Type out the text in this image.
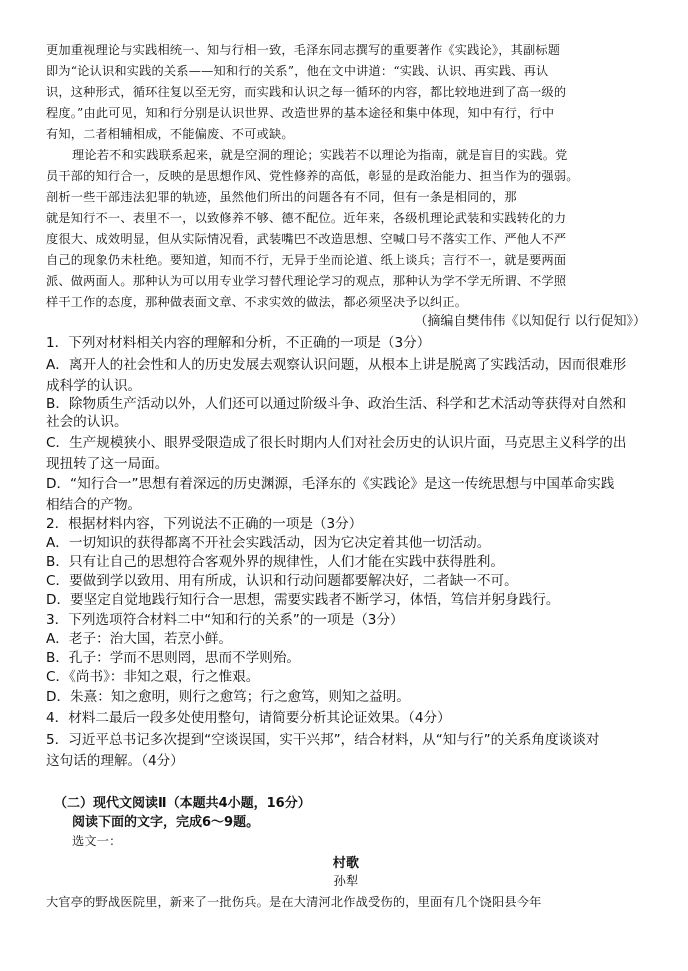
更加重视理论与实践相统一、知与行相一致，毛泽东同志撰写的重要著作《实践论》，其副标题
即为“论认识和实践的关系——知和行的关系”，他在文中讲道：“实践、认识、再实践、再认
识，这种形式，循环往复以至无穷，而实践和认识之每一循环的内容，都比较地进到了高一级的
程度。”由此可见，知和行分别是认识世界、改造世界的基本途径和集中体现，知中有行，行中
有知，二者相辅相成，不能偏废、不可或缺。
理论若不和实践联系起来，就是空洞的理论；实践若不以理论为指南，就是盲目的实践。党
员干部的知行合一，反映的是思想作风、党性修养的高低，彰显的是政治能力、担当作为的强弱。
剖析一些干部违法犯罪的轨迹，虽然他们所出的问题各有不同，但有一条是相同的，那
就是知行不一、表里不一，以致修养不够、德不配位。近年来，各级机理论武装和实践转化的力
度很大、成效明显，但从实际情况看，武装嘴巴不改造思想、空喊口号不落实工作、严他人不严
自己的现象仍未杜绝。要知道，知而不行，无异于坐而论道、纸上谈兵；言行不一，就是要两面
派、做两面人。那种认为可以用专业学习替代理论学习的观点，那种认为学不学无所谓、不学照
样干工作的态度，那种做表面文章、不求实效的做法，都必须坚决予以纠正。
（摘编自樊伟伟《以知促行 以行促知》）
1．下列对材料相关内容的理解和分析，不正确的一项是（3分）
A．离开人的社会性和人的历史发展去观察认识问题，从根本上讲是脱离了实践活动，因而很难形
成科学的认识。
B．除物质生产活动以外，人们还可以通过阶级斗争、政治生活、科学和艺术活动等获得对自然和
社会的认识。
C．生产规模狭小、眼界受限造成了很长时期内人们对社会历史的认识片面，马克思主义科学的出
现扭转了这一局面。
D．“知行合一”思想有着深远的历史渊源，毛泽东的《实践论》是这一传统思想与中国革命实践
相结合的产物。
2．根据材料内容，下列说法不正确的一项是（3分）
A．一切知识的获得都离不开社会实践活动，因为它决定着其他一切活动。
B．只有让自己的思想符合客观外界的规律性，人们才能在实践中获得胜利。
C．要做到学以致用、用有所成，认识和行动问题都要解决好，二者缺一不可。
D．要坚定自觉地践行知行合一思想，需要实践者不断学习，体悟，笃信并躬身践行。
3．下列选项符合材料二中“知和行的关系”的一项是（3分）
A．老子：治大国，若烹小鲜。
B．孔子：学而不思则罔，思而不学则殆。
C．《尚书》：非知之艰，行之惟艰。
D．朱熹：知之愈明，则行之愈笃；行之愈笃，则知之益明。
4．材料二最后一段多处使用整句，请简要分析其论证效果。（4分）
5．习近平总书记多次提到“空谈误国，实干兴邦”，结合材料，从“知与行”的关系角度谈谈对
这句话的理解。（4分）
（二）现代文阅读Ⅱ（本题共4小题，16分）
阅读下面的文字，完成6～9题。
选文一：
村歌
孙犁
大官亭的野战医院里，新来了一批伤兵。是在大清河北作战受伤的，里面有几个饶阳县今年
